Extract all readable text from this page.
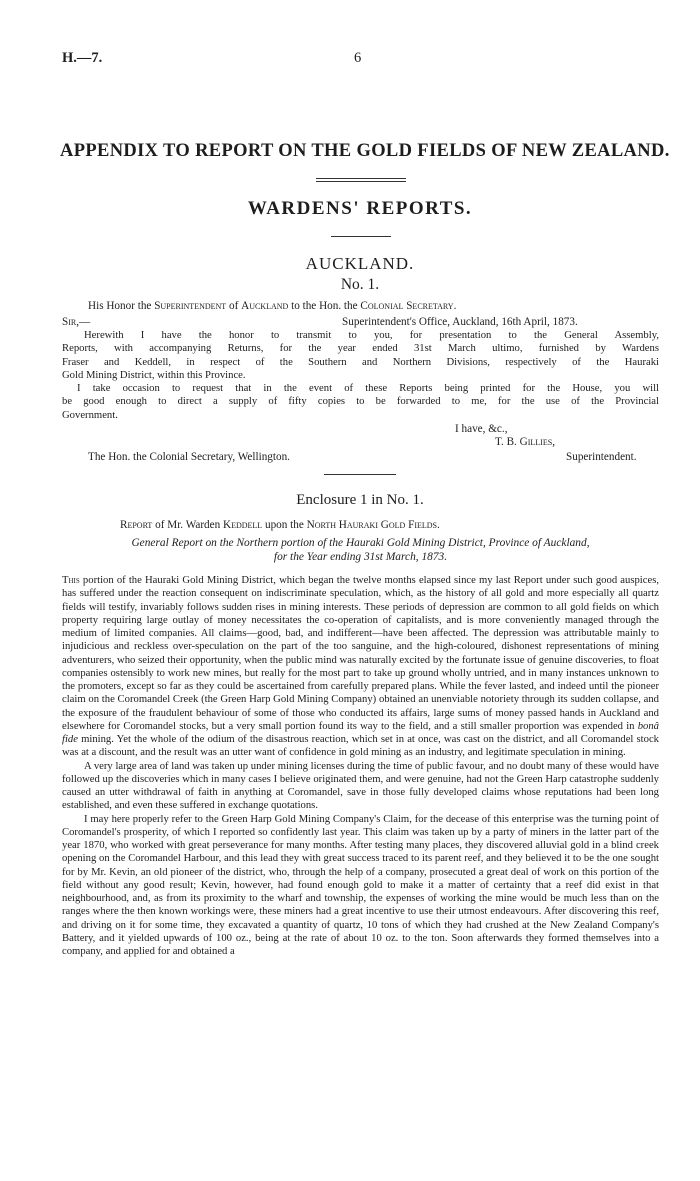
H.—7.	6
APPENDIX TO REPORT ON THE GOLD FIELDS OF NEW ZEALAND.
WARDENS' REPORTS.
AUCKLAND.
No. 1.
His Honor the Superintendent of Auckland to the Hon. the Colonial Secretary.
Sir,—	Superintendent's Office, Auckland, 16th April, 1873.

Herewith I have the honor to transmit to you, for presentation to the General Assembly,

Reports, with accompanying Returns, for the year ended 31st March ultimo, furnished by Wardens

Fraser and Keddell, in respect of the Southern and Northern Divisions, respectively of the Hauraki

Gold Mining District, within this Province.

I take occasion to request that in the event of these Reports being printed for the House, you will

be good enough to direct a supply of fifty copies to be forwarded to me, for the use of the Provincial

Government.

I have, &c.,
T. B. Gillies,
The Hon. the Colonial Secretary, Wellington.	Superintendent.
Enclosure 1 in No. 1.
Report of Mr. Warden Keddell upon the North Hauraki Gold Fields.
General Report on the Northern portion of the Hauraki Gold Mining District, Province of Auckland,
for the Year ending 31st March, 1873.

This portion of the Hauraki Gold Mining District, which began the twelve months elapsed since my last Report under such good auspices, has suffered under the reaction consequent on indiscriminate speculation, which, as the history of all gold and more especially all quartz fields will testify, invariably follows sudden rises in mining interests. These periods of depression are common to all gold fields on which property requiring large outlay of money necessitates the co-operation of capitalists, and is more conveniently managed through the medium of limited companies. All claims—good, bad, and indifferent—have been affected. The depression was attributable mainly to injudicious and reckless over-speculation on the part of the too sanguine, and the high-coloured, dishonest representations of mining adventurers, who seized their opportunity, when the public mind was naturally excited by the fortunate issue of genuine discoveries, to float companies ostensibly to work new mines, but really for the most part to take up ground wholly untried, and in many instances unknown to the promoters, except so far as they could be ascertained from carefully prepared plans. While the fever lasted, and indeed until the pioneer claim on the Coromandel Creek (the Green Harp Gold Mining Company) obtained an unenviable notoriety through its sudden collapse, and the exposure of the fraudulent behaviour of some of those who conducted its affairs, large sums of money passed hands in Auckland and elsewhere for Coromandel stocks, but a very small portion found its way to the field, and a still smaller proportion was expended in bonâ fide mining. Yet the whole of the odium of the disastrous reaction, which set in at once, was cast on the district, and all Coromandel stock was at a discount, and the result was an utter want of confidence in gold mining as an industry, and legitimate speculation in mining.

A very large area of land was taken up under mining licenses during the time of public favour, and no doubt many of these would have followed up the discoveries which in many cases I believe originated them, and were genuine, had not the Green Harp catastrophe suddenly caused an utter withdrawal of faith in anything at Coromandel, save in those fully developed claims whose reputations had been long established, and even these suffered in exchange quotations.

I may here properly refer to the Green Harp Gold Mining Company's Claim, for the decease of this enterprise was the turning point of Coromandel's prosperity, of which I reported so confidently last year. This claim was taken up by a party of miners in the latter part of the year 1870, who worked with great perseverance for many months. After testing many places, they discovered alluvial gold in a blind creek opening on the Coromandel Harbour, and this lead they with great success traced to its parent reef, and they believed it to be the one sought for by Mr. Kevin, an old pioneer of the district, who, through the help of a company, prosecuted a great deal of work on this portion of the field without any good result; Kevin, however, had found enough gold to make it a matter of certainty that a reef did exist in that neighbourhood, and, as from its proximity to the wharf and township, the expenses of working the mine would be much less than on the ranges where the then known workings were, these miners had a great incentive to use their utmost endeavours. After discovering this reef, and driving on it for some time, they excavated a quantity of quartz, 10 tons of which they had crushed at the New Zealand Company's Battery, and it yielded upwards of 100 oz., being at the rate of about 10 oz. to the ton. Soon afterwards they formed themselves into a company, and applied for and obtained a
